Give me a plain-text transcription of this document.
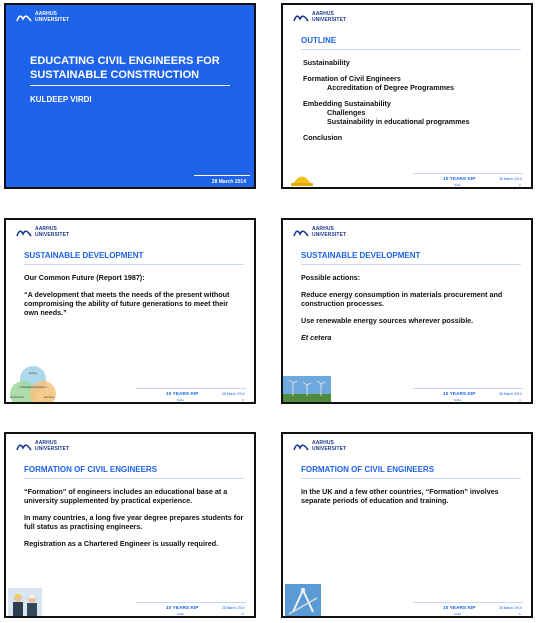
AARHUS
UNIVERSITET
EDUCATING CIVIL ENGINEERS FOR SUSTAINABLE CONSTRUCTION
KULDEEP VIRDI
28 March 2014
AARHUS
UNIVERSITET
OUTLINE
Sustainability
Formation of Civil Engineers
Accreditation of Degree Programmes
Embedding Sustainability
Challenges
Sustainability in educational programmes
Conclusion
10 YEARS KIP
Sofia
28 March 2014
2
AARHUS
UNIVERSITET
SUSTAINABLE DEVELOPMENT

Our Common Future (Report 1987):

“A development that meets the needs of the present without compromising the ability of future generations to meet their own needs.”

Society
Environment	Economy
Sustainable Development
10 YEARS KIP
Sofia
28 March 2014
3
AARHUS
UNIVERSITET
SUSTAINABLE DEVELOPMENT

Possible actions:

Reduce energy consumption in materials procurement and construction processes.

Use renewable energy sources wherever possible.

Et cetera

10 YEARS KIP
Sofia
28 March 2014
4
AARHUS
UNIVERSITET
FORMATION OF CIVIL ENGINEERS

“Formation” of engineers includes an educational base at a university supplemented by practical experience.

In many countries, a long five year degree prepares students for full status as practising engineers.

Registration as a Chartered Engineer is usually required.

10 YEARS KIP
Sofia
28 March 2014
5
AARHUS
UNIVERSITET
FORMATION OF CIVIL ENGINEERS

In the UK and a few other countries, “Formation” involves separate periods of education and training.

10 YEARS KIP
Sofia
28 March 2014
6
